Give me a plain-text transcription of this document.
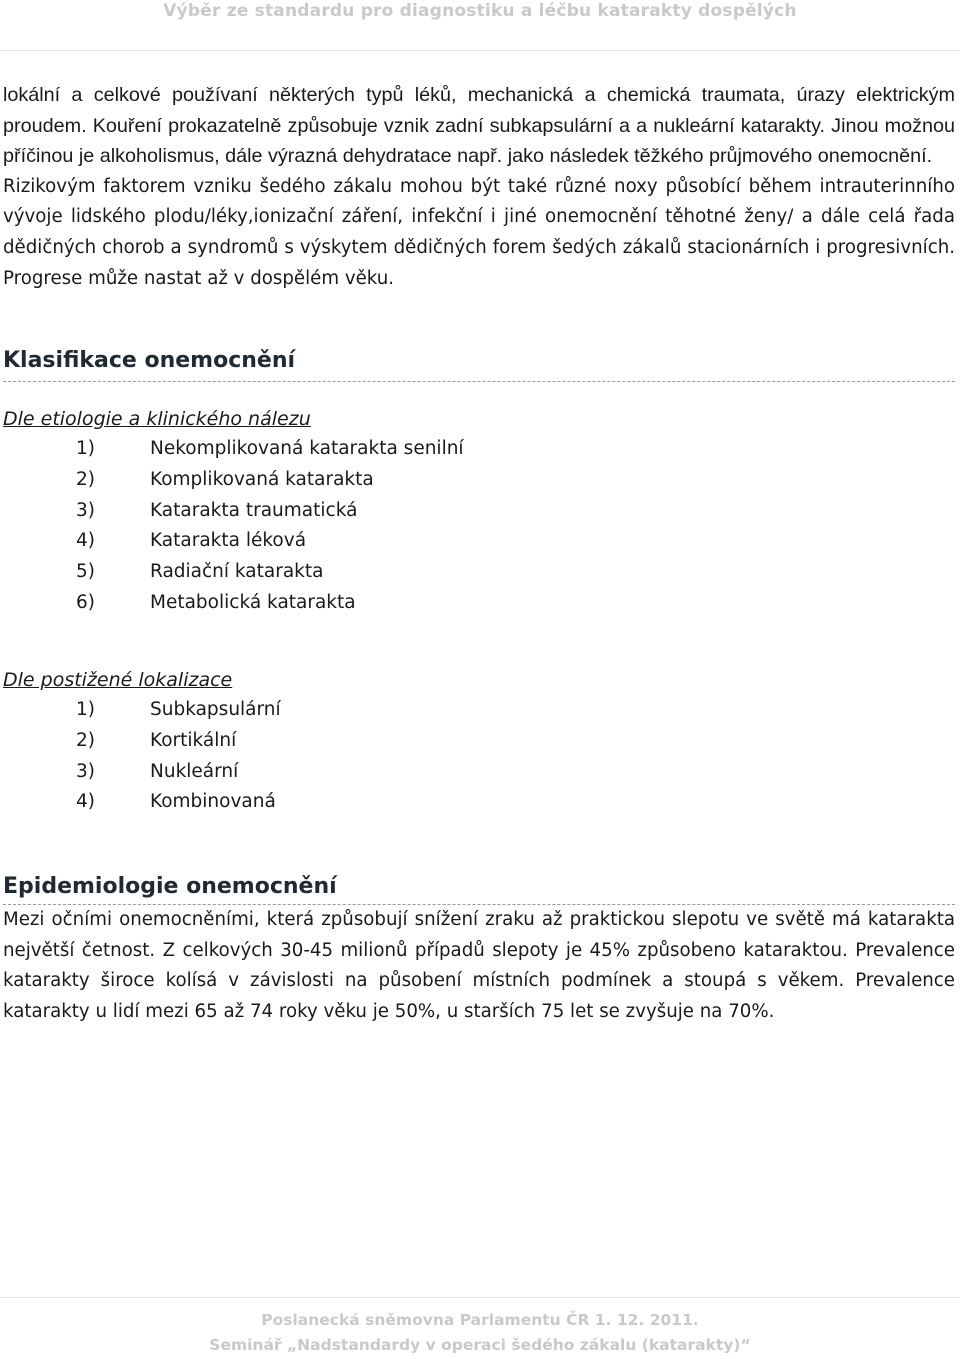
Výběr ze standardu pro diagnostiku a léčbu katarakty dospělých

lokální a celkové používaní některých typů léků, mechanická a chemická traumata, úrazy elektrickým proudem. Kouření prokazatelně způsobuje vznik zadní subkapsulární a a nukleární katarakty. Jinou možnou příčinou je alkoholismus, dále výrazná dehydratace např. jako následek těžkého průjmového onemocnění.

Rizikovým faktorem vzniku šedého zákalu mohou být také různé noxy působící během intrauterinního vývoje lidského plodu/léky,ionizační záření, infekční i jiné onemocnění těhotné ženy/ a dále celá řada dědičných chorob a syndromů s výskytem dědičných forem šedých zákalů stacionárních i progresivních. Progrese může nastat až v dospělém věku.

Klasifikace onemocnění

Dle etiologie a klinického nálezu

1)	Nekomplikovaná katarakta senilní
2)	Komplikovaná katarakta
3)	Katarakta traumatická
4)	Katarakta léková
5)	Radiační katarakta
6)	Metabolická katarakta

Dle postižené lokalizace

1)	Subkapsulární
2)	Kortikální
3)	Nukleární
4)	Kombinovaná
Epidemiologie onemocnění

Mezi očními onemocněními, která způsobují snížení zraku až praktickou slepotu ve světě má katarakta největší četnost. Z celkových 30-45 milionů případů slepoty je 45% způsobeno kataraktou. Prevalence katarakty široce kolísá v závislosti na působení místních podmínek a stoupá s věkem. Prevalence katarakty u lidí mezi 65 až 74 roky věku je 50%, u starších 75 let se zvyšuje na 70%.

Poslanecká sněmovna Parlamentu ČR 1. 12. 2011.
Seminář „Nadstandardy v operaci šedého zákalu (katarakty)“
